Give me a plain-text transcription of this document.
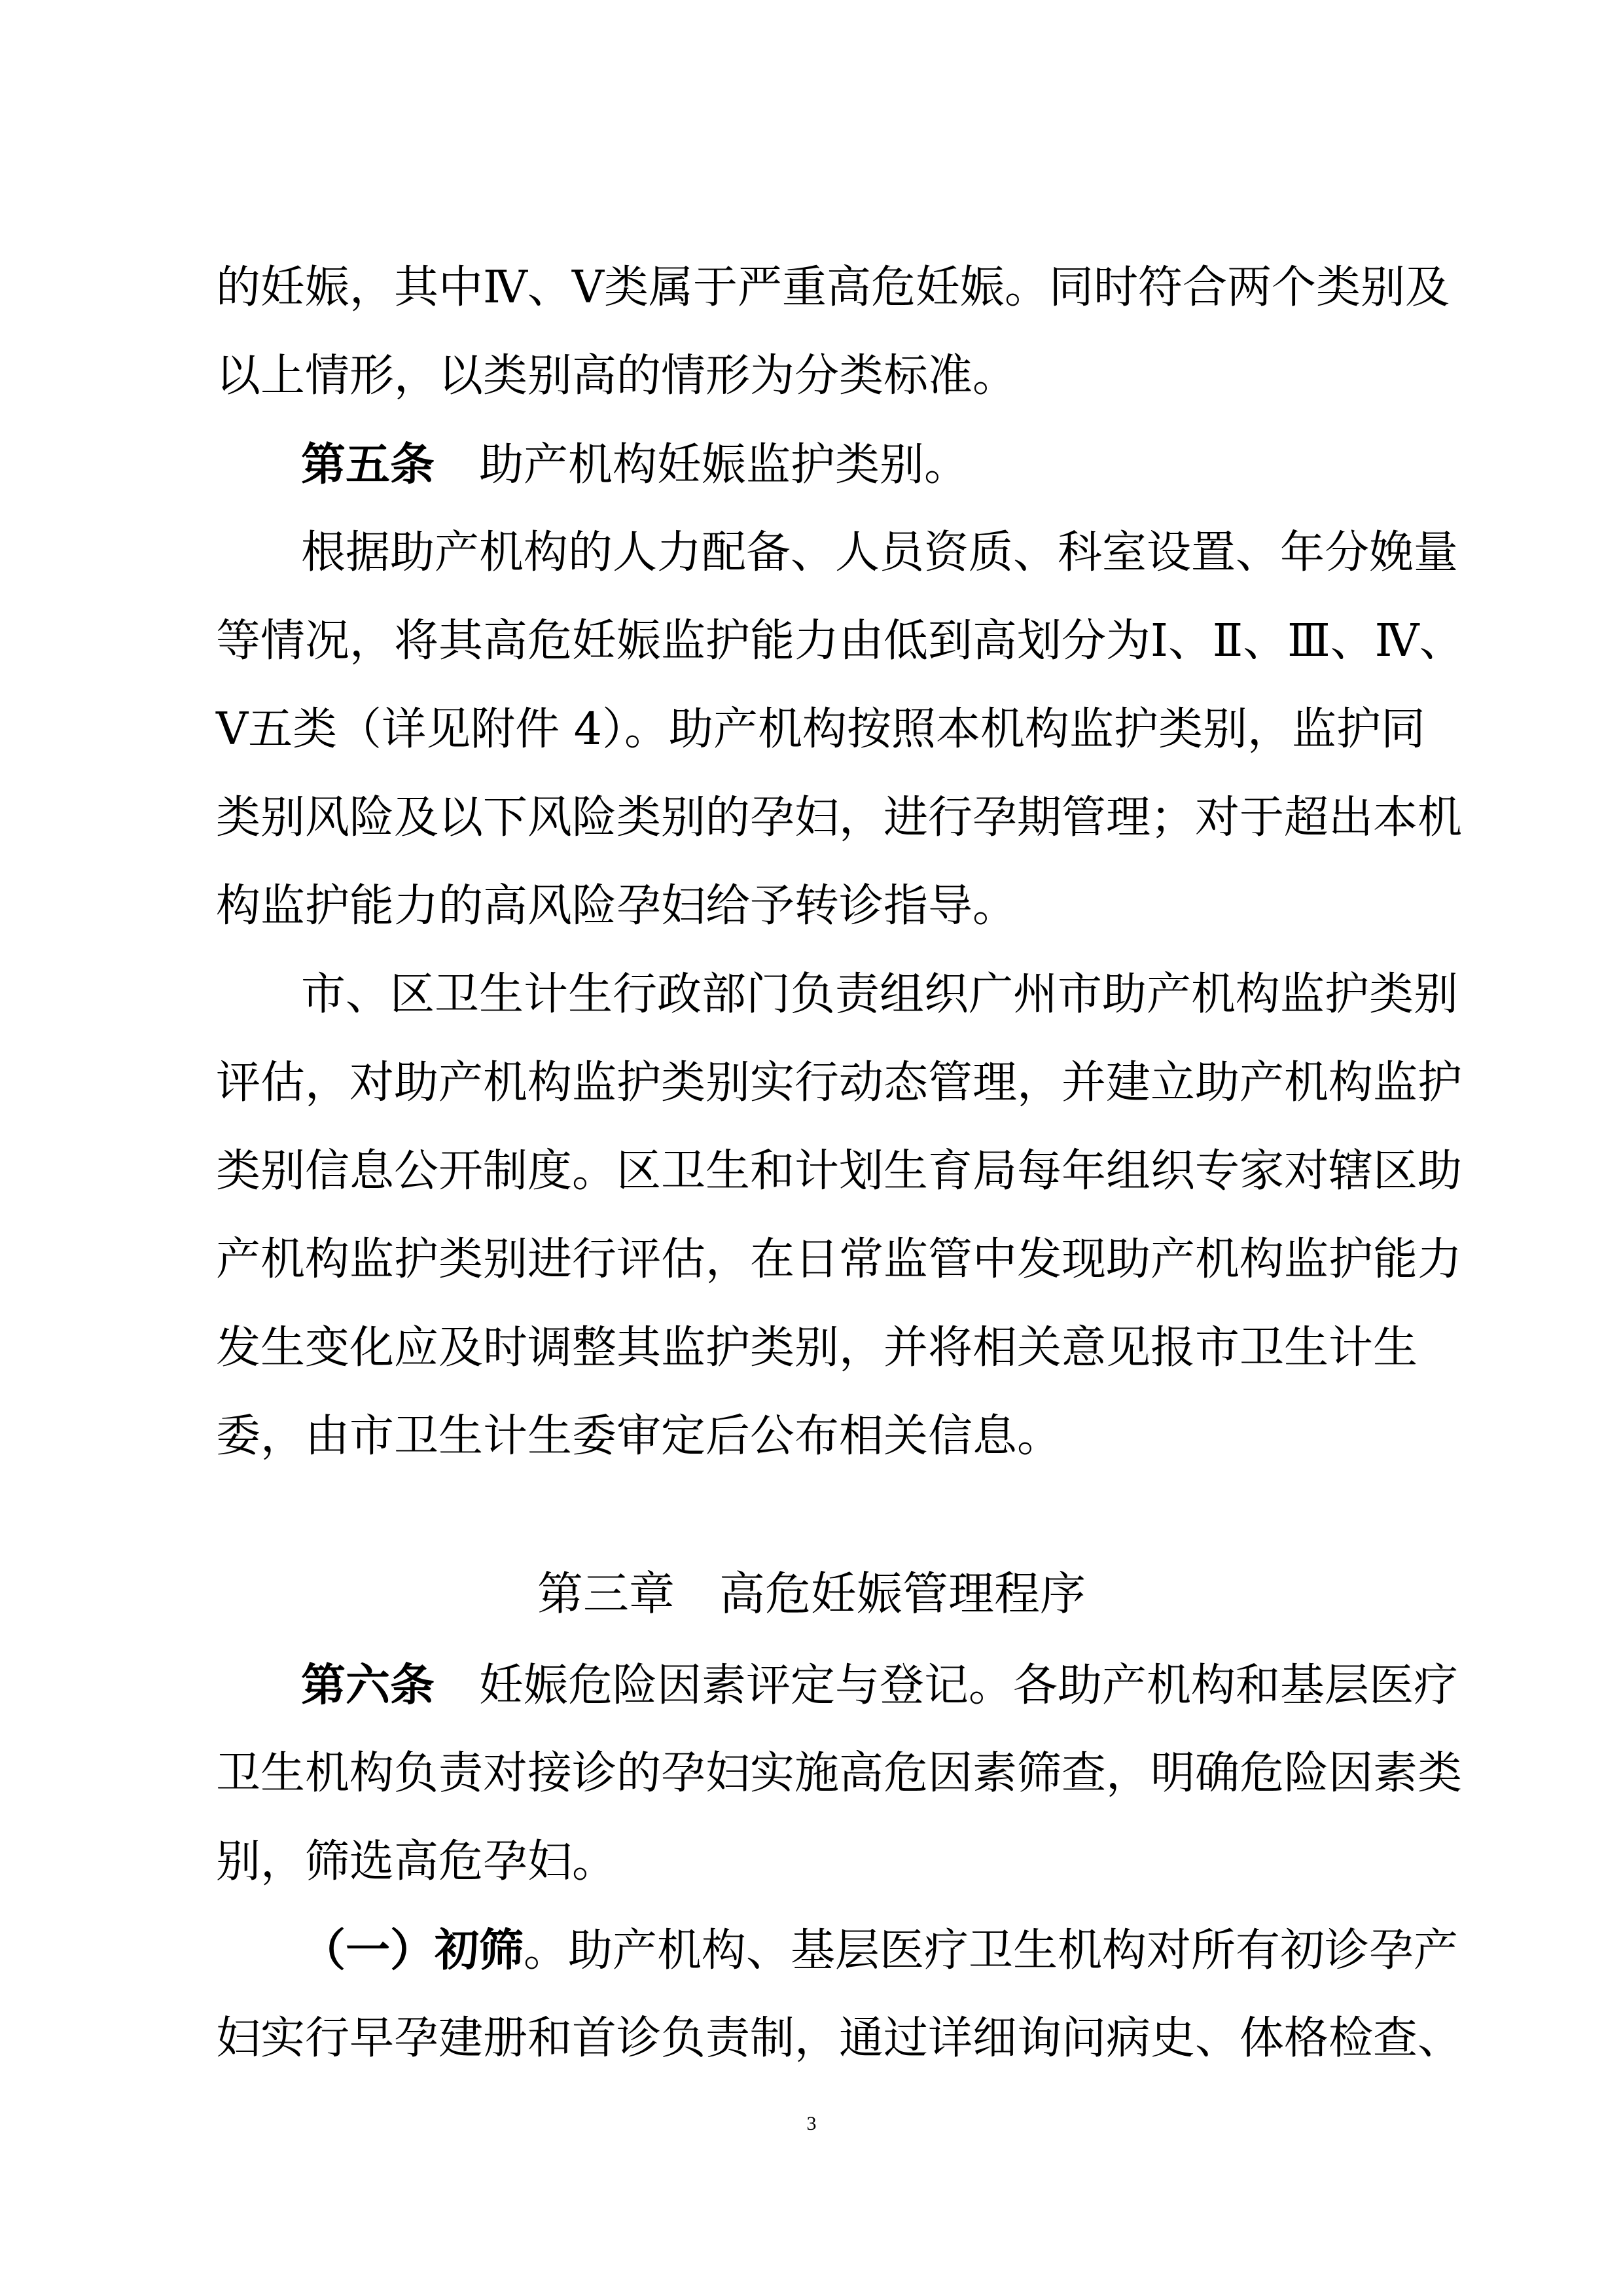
的妊娠，其中Ⅳ、Ⅴ类属于严重高危妊娠。同时符合两个类别及
以上情形，以类别高的情形为分类标准。
第五条 助产机构妊娠监护类别。
根据助产机构的人力配备、人员资质、科室设置、年分娩量
等情况，将其高危妊娠监护能力由低到高划分为Ⅰ、Ⅱ、Ⅲ、Ⅳ、
Ⅴ五类（详见附件 4）。助产机构按照本机构监护类别，监护同
类别风险及以下风险类别的孕妇，进行孕期管理；对于超出本机
构监护能力的高风险孕妇给予转诊指导。
市、区卫生计生行政部门负责组织广州市助产机构监护类别
评估，对助产机构监护类别实行动态管理，并建立助产机构监护
类别信息公开制度。区卫生和计划生育局每年组织专家对辖区助
产机构监护类别进行评估，在日常监管中发现助产机构监护能力
发生变化应及时调整其监护类别，并将相关意见报市卫生计生
委，由市卫生计生委审定后公布相关信息。
第三章 高危妊娠管理程序
第六条 妊娠危险因素评定与登记。各助产机构和基层医疗
卫生机构负责对接诊的孕妇实施高危因素筛查，明确危险因素类
别，筛选高危孕妇。
（一）初筛。助产机构、基层医疗卫生机构对所有初诊孕产
妇实行早孕建册和首诊负责制，通过详细询问病史、体格检查、
3
